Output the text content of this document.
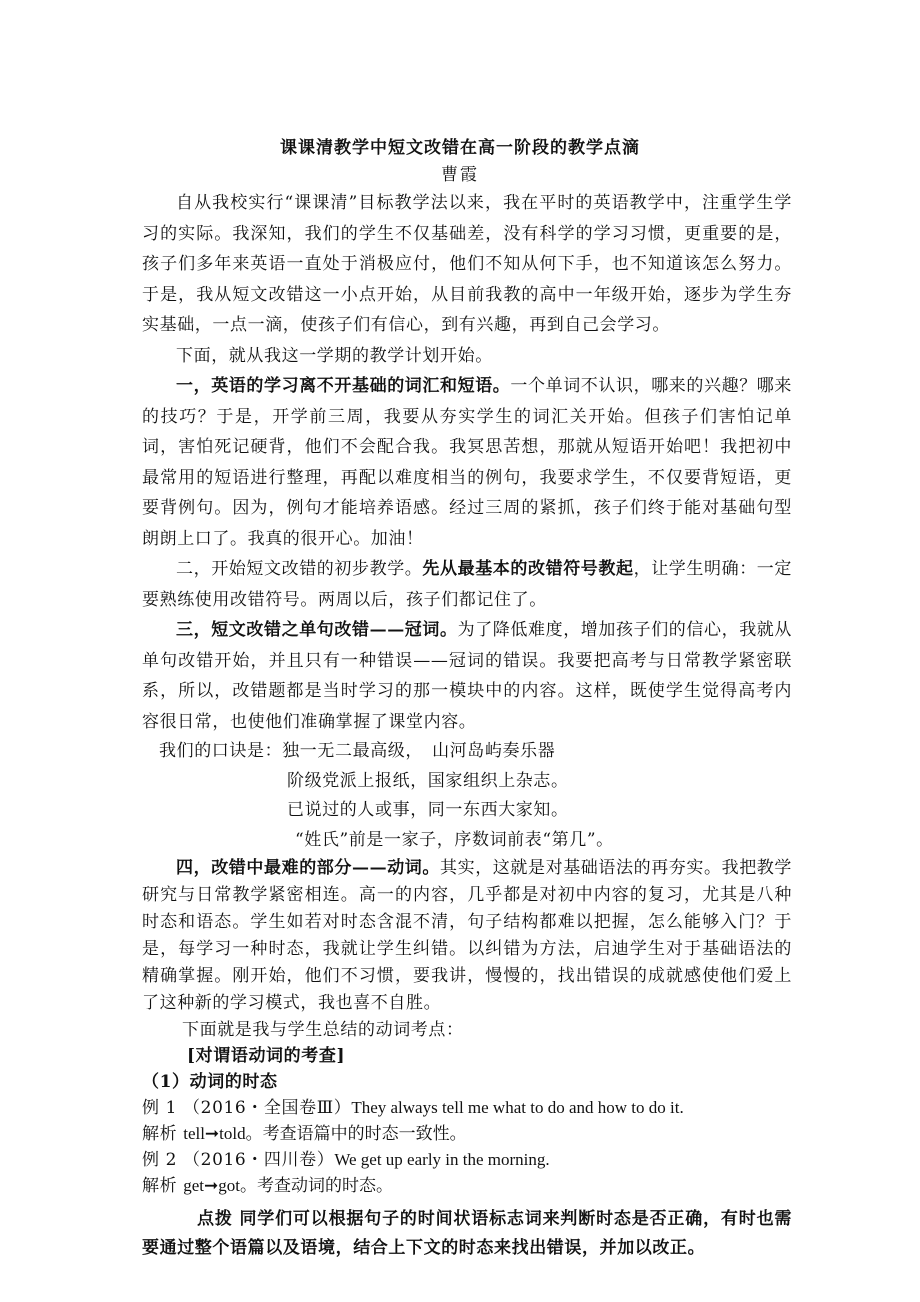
课课清教学中短文改错在高一阶段的教学点滴
曹霞

自从我校实行“课课清”目标教学法以来，我在平时的英语教学中，注重学生学习的实际。我深知，我们的学生不仅基础差，没有科学的学习习惯，更重要的是，孩子们多年来英语一直处于消极应付，他们不知从何下手，也不知道该怎么努力。于是，我从短文改错这一小点开始，从目前我教的高中一年级开始，逐步为学生夯实基础，一点一滴，使孩子们有信心，到有兴趣，再到自己会学习。

下面，就从我这一学期的教学计划开始。

一，英语的学习离不开基础的词汇和短语。一个单词不认识，哪来的兴趣？哪来的技巧？于是，开学前三周，我要从夯实学生的词汇关开始。但孩子们害怕记单词，害怕死记硬背，他们不会配合我。我冥思苦想，那就从短语开始吧！我把初中最常用的短语进行整理，再配以难度相当的例句，我要求学生，不仅要背短语，更要背例句。因为，例句才能培养语感。经过三周的紧抓，孩子们终于能对基础句型朗朗上口了。我真的很开心。加油！

二，开始短文改错的初步教学。先从最基本的改错符号教起，让学生明确：一定要熟练使用改错符号。两周以后，孩子们都记住了。

三，短文改错之单句改错——冠词。为了降低难度，增加孩子们的信心，我就从单句改错开始，并且只有一种错误——冠词的错误。我要把高考与日常教学紧密联系，所以，改错题都是当时学习的那一模块中的内容。这样，既使学生觉得高考内容很日常，也使他们准确掌握了课堂内容。

我们的口诀是：独一无二最高级，　山河岛屿奏乐器

阶级党派上报纸，国家组织上杂志。

已说过的人或事，同一东西大家知。

“姓氏”前是一家子，序数词前表“第几”。

四，改错中最难的部分——动词。其实，这就是对基础语法的再夯实。我把教学研究与日常教学紧密相连。高一的内容，几乎都是对初中内容的复习，尤其是八种时态和语态。学生如若对时态含混不清，句子结构都难以把握，怎么能够入门？于是，每学习一种时态，我就让学生纠错。以纠错为方法，启迪学生对于基础语法的精确掌握。刚开始，他们不习惯，要我讲，慢慢的，找出错误的成就感使他们爱上了这种新的学习模式，我也喜不自胜。

下面就是我与学生总结的动词考点：

[对谓语动词的考查]

（1）动词的时态

例 1 （2016・全国卷Ⅲ）They always tell me what to do and how to do it.

解析 tell➞told。考查语篇中的时态一致性。

例 2 （2016・四川卷）We get up early in the morning.

解析 get➞got。考查动词的时态。

点拨 同学们可以根据句子的时间状语标志词来判断时态是否正确，有时也需要通过整个语篇以及语境，结合上下文的时态来找出错误，并加以改正。
